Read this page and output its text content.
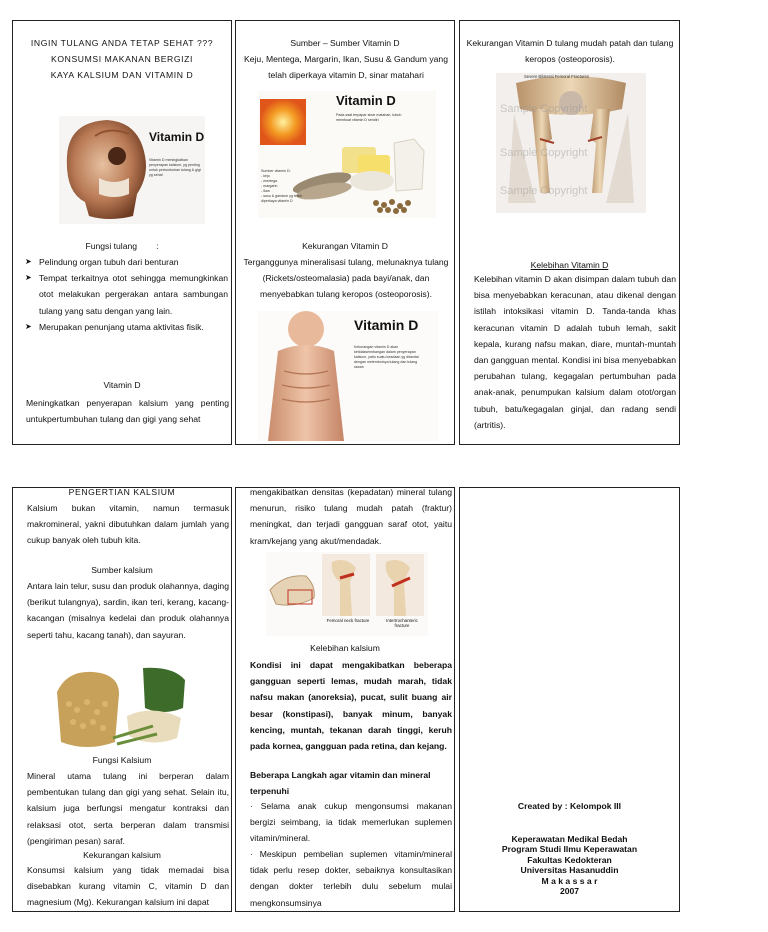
INGIN TULANG ANDA TETAP SEHAT ???
KONSUMSI MAKANAN BERGIZI
KAYA KALSIUM DAN VITAMIN D
Vitamin D
Vitamin D meningkatkan penyerapan kalsium, yg penting untuk pertumbuhan tulang & gigi yg sehat
Fungsi tulang        :
➤ Pelindung organ tubuh dari benturan
➤ Tempat terkaitnya otot sehingga memungkinkan otot melakukan pergerakan antara sambungan tulang yang satu dengan yang lain.
➤ Merupakan penunjang utama aktivitas fisik.
Vitamin D
Meningkatkan penyerapan kalsium yang penting untukpertumbuhan tulang dan gigi yang sehat
Sumber – Sumber Vitamin D
Keju, Mentega, Margarin, Ikan, Susu & Gandum yang telah diperkaya vitamin D, sinar matahari
Vitamin D
Pada saat terpapar sinar matahari, tubuh membuat vitamin D sendiri
Sumber vitamin D:
- keju
- mentega
- margarin
- ikan
- susu & gandum yg telah diperkaya vitamin D
Kekurangan Vitamin D
Terganggunya mineralisasi tulang, melunaknya tulang (Rickets/osteomalasia) pada bayi/anak, dan menyebabkan tulang keropos (osteoporosis).
Vitamin D
Kekurangan vitamin D akan ketidakseimbangan dalam penyerapan kalsium, yaitu suatu keadaan yg ditandai dengan melembutnya tulang dan tulang rawan
Kekurangan Vitamin D tulang mudah patah dan tulang keropos (osteoporosis).
Severe Bilateral Femoral Fractures
Sample Copyright
Sample Copyright
Sample Copyright
Kelebihan Vitamin D
Kelebihan vitamin D akan disimpan dalam tubuh dan bisa menyebabkan keracunan, atau dikenal dengan istilah intoksikasi vitamin D. Tanda-tanda khas keracunan vitamin D adalah tubuh lemah, sakit kepala, kurang nafsu makan, diare, muntah-muntah dan gangguan mental. Kondisi ini bisa menyebabkan perubahan tulang, kegagalan pertumbuhan pada anak-anak, penumpukan kalsium dalam otot/organ tubuh, batu/kegagalan ginjal, dan radang sendi (artritis).
PENGERTIAN KALSIUM
Kalsium bukan vitamin, namun termasuk makromineral, yakni dibutuhkan dalam jumlah yang cukup banyak oleh tubuh kita.
Sumber kalsium
Antara lain telur, susu dan produk olahannya, daging (berikut tulangnya), sardin, ikan teri, kerang, kacang-kacangan (misalnya kedelai dan produk olahannya seperti tahu, kacang tanah), dan sayuran.
Fungsi Kalsium
Mineral utama tulang ini berperan dalam pembentukan tulang dan gigi yang sehat. Selain itu, kalsium juga berfungsi mengatur kontraksi dan relaksasi otot, serta berperan dalam transmisi (pengiriman pesan) saraf.
Kekurangan kalsium
Konsumsi kalsium yang tidak memadai bisa disebabkan kurang vitamin C, vitamin D dan magnesium (Mg). Kekurangan kalsium ini dapat
mengakibatkan densitas (kepadatan) mineral tulang menurun, risiko tulang mudah patah (fraktur) meningkat, dan terjadi gangguan saraf otot, yaitu kram/kejang yang akut/mendadak.
Femoral neck fracture	Intertrochanteric fracture
Kelebihan kalsium
Kondisi ini dapat mengakibatkan beberapa gangguan seperti lemas, mudah marah, tidak nafsu makan (anoreksia), pucat, sulit buang air besar (konstipasi), banyak minum, banyak kencing, muntah, tekanan darah tinggi, keruh pada kornea, gangguan pada retina, dan kejang.
Beberapa Langkah agar vitamin dan mineral terpenuhi
· Selama anak cukup mengonsumsi makanan bergizi seimbang, ia tidak memerlukan suplemen vitamin/mineral.
· Meskipun pembelian suplemen vitamin/mineral tidak perlu resep dokter, sebaiknya konsultasikan dengan dokter terlebih dulu sebelum mulai mengkonsumsinya
Created by : Kelompok III
Keperawatan Medikal Bedah
Program Studi Ilmu Keperawatan
Fakultas Kedokteran
Universitas Hasanuddin
M a k a s s a r
2007
